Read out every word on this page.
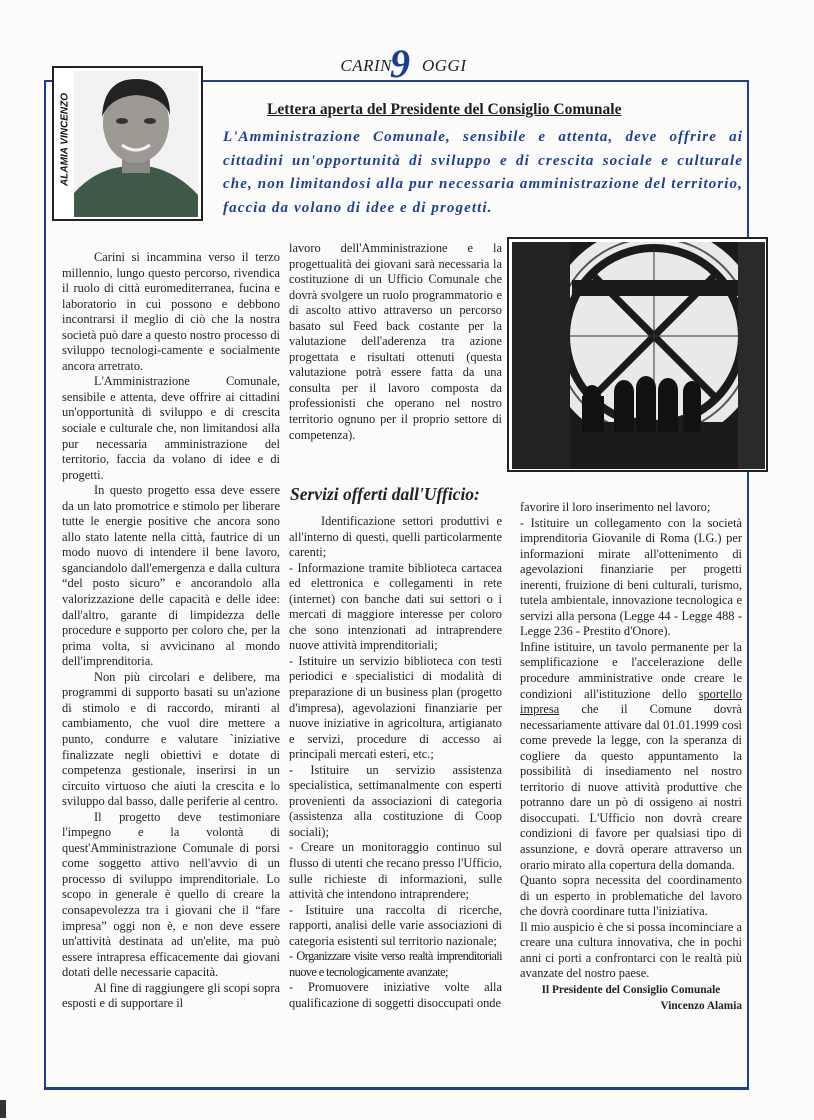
CARIN
9 OGGI
ALAMIA VINCENZO	Lettera aperta del Presidente del Consiglio Comunale
L'Amministrazione Comunale, sensibile e attenta, deve offrire ai cittadini un'opportunità di sviluppo e di crescita sociale e culturale che, non limitandosi alla pur necessaria amministrazione del territorio, faccia da volano di idee e di progetti.

Carini si incammina verso il terzo millennio, lungo questo percorso, rivendica il ruolo di città euromediterranea, fucina e laboratorio in cui possono e debbono incontrarsi il meglio di ciò che la nostra società può dare a questo nostro processo di sviluppo tecnologi-camente e socialmente ancora arretrato.

L'Amministrazione Comunale, sensibile e attenta, deve offrire ai cittadini un'opportunità di sviluppo e di crescita sociale e culturale che, non limitandosi alla pur necessaria amministrazione del territorio, faccia da volano di idee e di progetti.

In questo progetto essa deve essere da un lato promotrice e stimolo per liberare tutte le energie positive che ancora sono allo stato latente nella città, fautrice di un modo nuovo di intendere il bene lavoro, sganciandolo dall'emergenza e dalla cultura “del posto sicuro” e ancorandolo alla valorizzazione delle capacità e delle idee: dall'altro, garante di limpidezza delle procedure e supporto per coloro che, per la prima volta, si avvicinano al mondo dell'imprenditoria.

Non più circolari e delibere, ma programmi di supporto basati su un'azione di stimolo e di raccordo, miranti al cambiamento, che vuol dire mettere a punto, condurre e valutare `iniziative finalizzate negli obiettivi e dotate di competenza gestionale, inserirsi in un circuito virtuoso che aiuti la crescita e lo sviluppo dal basso, dalle periferie al centro.

Il progetto deve testimoniare l'impegno e la volontà di quest'Amministrazione Comunale di porsi come soggetto attivo nell'avvio di un processo di sviluppo imprenditoriale. Lo scopo in generale è quello di creare la consapevolezza tra i giovani che il “fare impresa” oggi non è, e non deve essere un'attività destinata ad un'elite, ma può essere intrapresa efficacemente dai giovani dotati delle necessarie capacità.

Al fine di raggiungere gli scopi sopra esposti e di supportare il

lavoro dell'Amministrazione e la progettualità dei giovani sarà necessaria la costituzione di un Ufficio Comunale che dovrà svolgere un ruolo programmatorio e di ascolto attivo attraverso un percorso basato sul Feed back costante per la valutazione dell'aderenza tra azione progettata e risultati ottenuti (questa valutazione potrà essere fatta da una consulta per il lavoro composta da professionisti che operano nel nostro territorio ognuno per il proprio settore di competenza).

Servizi offerti dall'Ufficio:

Identificazione settori produttivi e all'interno di questi, quelli particolarmente carenti;

- Informazione tramite biblioteca cartacea ed elettronica e collegamenti in rete (internet) con banche dati sui settori o i mercati di maggiore interesse per coloro che sono intenzionati ad intraprendere nuove attività imprenditoriali;

- Istituire un servizio biblioteca con testi periodici e specialistici di modalità di preparazione di un business plan (progetto d'impresa), agevolazioni finanziarie per nuove iniziative in agricoltura, artigianato e servizi, procedure di accesso ai principali mercati esteri, etc.;

- Istituire un servizio assistenza specialistica, settimanalmente con esperti provenienti da associazioni di categoria (assistenza alla costituzione di Coop sociali);

- Creare un monitoraggio continuo sul flusso di utenti che recano presso l'Ufficio, sulle richieste di informazioni, sulle attività che intendono intraprendere;

- Istituire una raccolta di ricerche, rapporti, analisi delle varie associazioni di categoria esistenti sul territorio nazionale;

- Organizzare visite verso realtà imprenditoriali nuove e tecnologicamente avanzate;

- Promuovere iniziative volte alla qualificazione di soggetti disoccupati onde

favorire il loro inserimento nel lavoro;

- Istituire un collegamento con la società imprenditoria Giovanile di Roma (I.G.) per informazioni mirate all'ottenimento di agevolazioni finanziarie per progetti inerenti, fruizione di beni culturali, turismo, tutela ambientale, innovazione tecnologica e servizi alla persona (Legge 44 - Legge 488 - Legge 236 - Prestito d'Onore).

Infine istituire, un tavolo permanente per la semplificazione e l'accelerazione delle procedure amministrative onde creare le condizioni all'istituzione dello sportello impresa che il Comune dovrà necessariamente attivare dal 01.01.1999 così come prevede la legge, con la speranza di cogliere da questo appuntamento la possibilità di insediamento nel nostro territorio di nuove attività produttive che potranno dare un pò di ossigeno ai nostri disoccupati. L'Ufficio non dovrà creare condizioni di favore per qualsiasi tipo di assunzione, e dovrà operare attraverso un orario mirato alla copertura della domanda.

Quanto sopra necessita del coordinamento di un esperto in problematiche del lavoro che dovrà coordinare tutta l'iniziativa.

Il mio auspicio è che si possa incominciare a creare una cultura innovativa, che in pochi anni ci porti a confrontarci con le realtà più avanzate del nostro paese.

Il Presidente del Consiglio Comunale

Vincenzo Alamia
